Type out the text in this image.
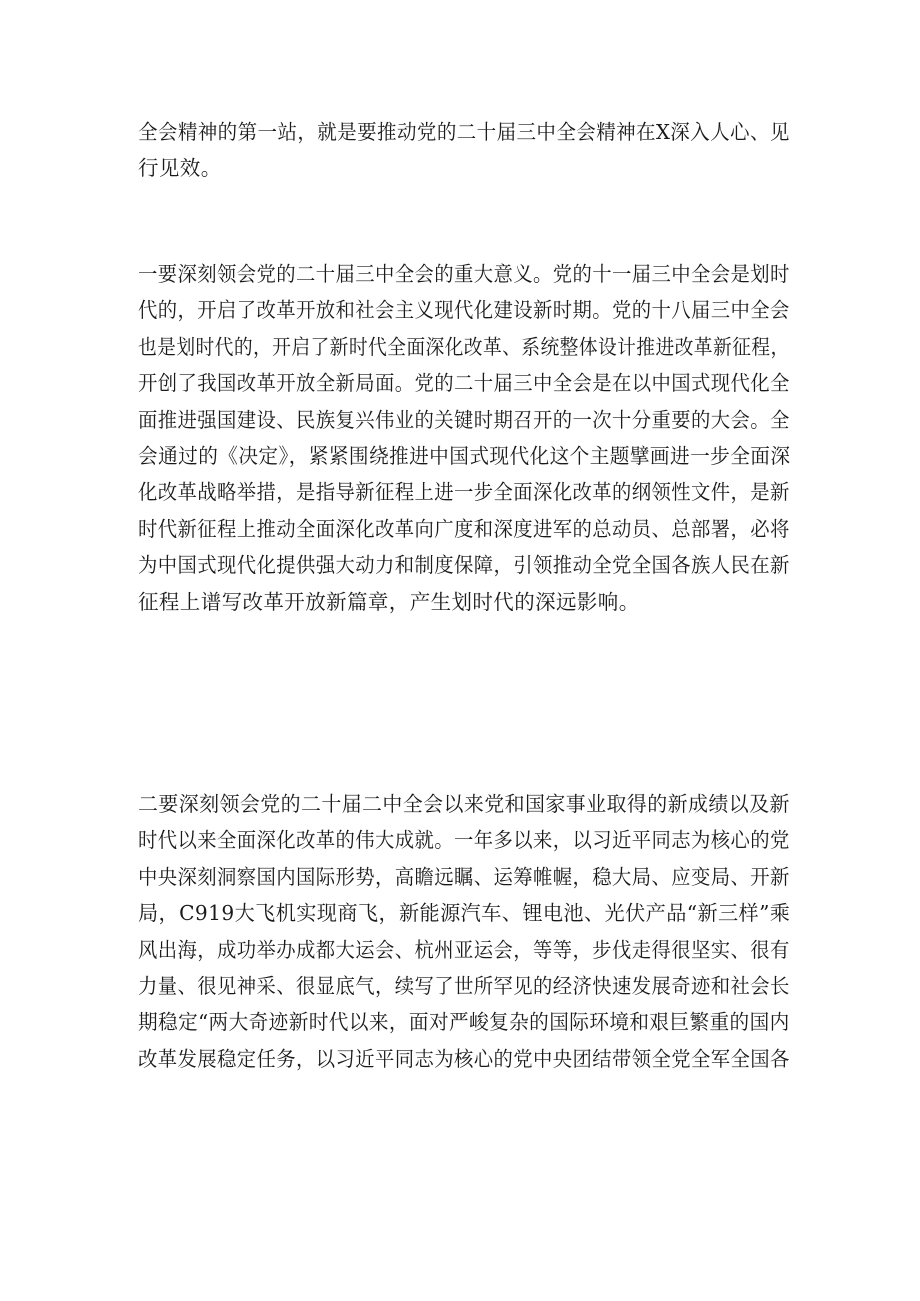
全会精神的第一站，就是要推动党的二十届三中全会精神在X深入人心、见
行见效。
一要深刻领会党的二十届三中全会的重大意义。党的十一届三中全会是划时
代的，开启了改革开放和社会主义现代化建设新时期。党的十八届三中全会
也是划时代的，开启了新时代全面深化改革、系统整体设计推进改革新征程，
开创了我国改革开放全新局面。党的二十届三中全会是在以中国式现代化全
面推进强国建设、民族复兴伟业的关键时期召开的一次十分重要的大会。全
会通过的《决定》，紧紧围绕推进中国式现代化这个主题擘画进一步全面深
化改革战略举措，是指导新征程上进一步全面深化改革的纲领性文件，是新
时代新征程上推动全面深化改革向广度和深度进军的总动员、总部署，必将
为中国式现代化提供强大动力和制度保障，引领推动全党全国各族人民在新
征程上谱写改革开放新篇章，产生划时代的深远影响。
二要深刻领会党的二十届二中全会以来党和国家事业取得的新成绩以及新
时代以来全面深化改革的伟大成就。一年多以来，以习近平同志为核心的党
中央深刻洞察国内国际形势，高瞻远瞩、运筹帷幄，稳大局、应变局、开新
局，C919大飞机实现商飞，新能源汽车、锂电池、光伏产品“新三样”乘
风出海，成功举办成都大运会、杭州亚运会，等等，步伐走得很坚实、很有
力量、很见神采、很显底气，续写了世所罕见的经济快速发展奇迹和社会长
期稳定“两大奇迹新时代以来，面对严峻复杂的国际环境和艰巨繁重的国内
改革发展稳定任务，以习近平同志为核心的党中央团结带领全党全军全国各
